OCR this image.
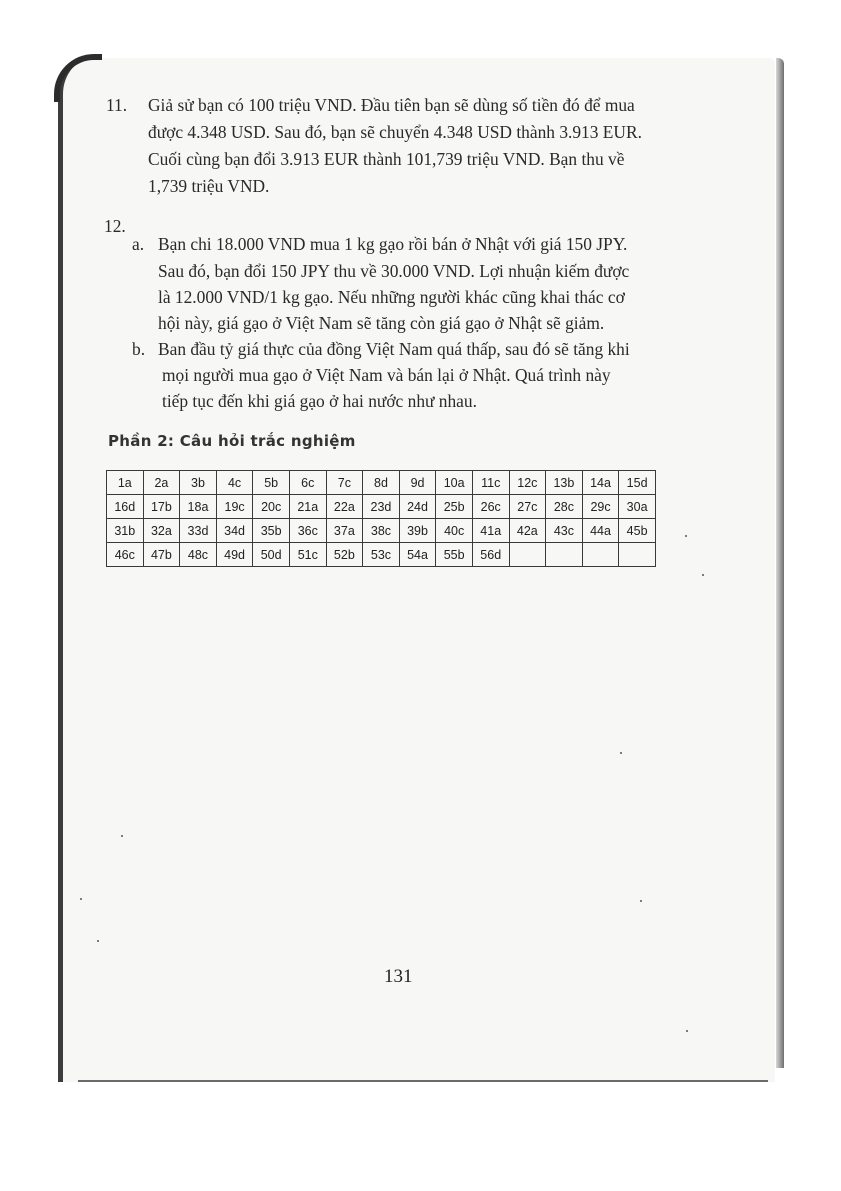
11. Giả sử bạn có 100 triệu VND. Đầu tiên bạn sẽ dùng số tiền đó để mua
được 4.348 USD. Sau đó, bạn sẽ chuyển 4.348 USD thành 3.913 EUR.
Cuối cùng bạn đổi 3.913 EUR thành 101,739 triệu VND. Bạn thu về
1,739 triệu VND.
12.
a. Bạn chi 18.000 VND mua 1 kg gạo rồi bán ở Nhật với giá 150 JPY.
Sau đó, bạn đổi 150 JPY thu về 30.000 VND. Lợi nhuận kiếm được
là 12.000 VND/1 kg gạo. Nếu những người khác cũng khai thác cơ
hội này, giá gạo ở Việt Nam sẽ tăng còn giá gạo ở Nhật sẽ giảm.
b. Ban đầu tỷ giá thực của đồng Việt Nam quá thấp, sau đó sẽ tăng khi
mọi người mua gạo ở Việt Nam và bán lại ở Nhật. Quá trình này
tiếp tục đến khi giá gạo ở hai nước như nhau.
Phần 2: Câu hỏi trắc nghiệm
1a	2a	3b	4c	5b	6c	7c	8d	9d	10a	11c	12c	13b	14a	15d
16d	17b	18a	19c	20c	21a	22a	23d	24d	25b	26c	27c	28c	29c	30a
31b	32a	33d	34d	35b	36c	37a	38c	39b	40c	41a	42a	43c	44a	45b
46c	47b	48c	49d	50d	51c	52b	53c	54a	55b	56d				
131
